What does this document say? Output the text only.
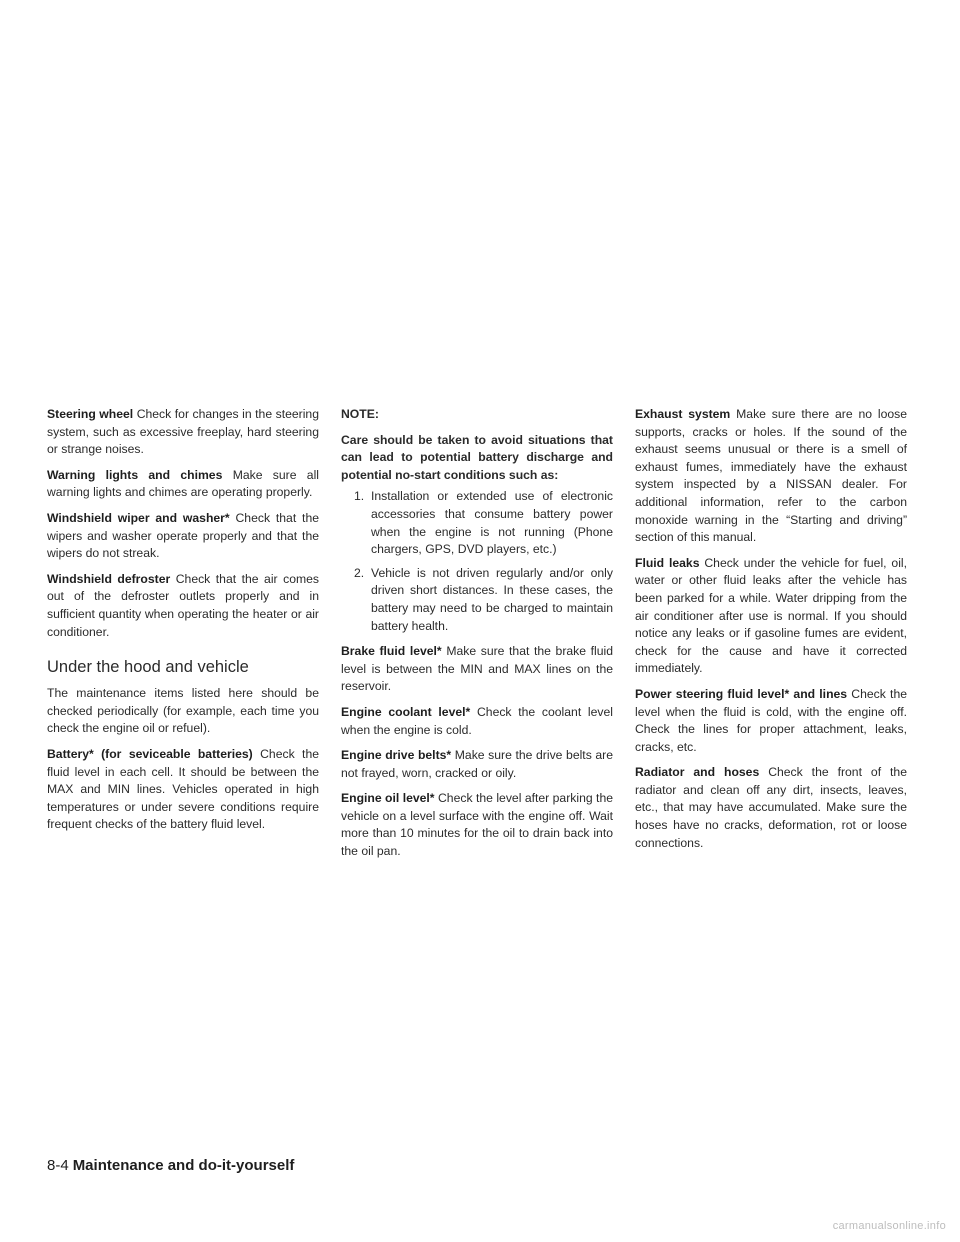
Steering wheel Check for changes in the steering system, such as excessive freeplay, hard steering or strange noises.

Warning lights and chimes Make sure all warning lights and chimes are operating properly.

Windshield wiper and washer* Check that the wipers and washer operate properly and that the wipers do not streak.

Windshield defroster Check that the air comes out of the defroster outlets properly and in sufficient quantity when operating the heater or air conditioner.

Under the hood and vehicle

The maintenance items listed here should be checked periodically (for example, each time you check the engine oil or refuel).

Battery* (for seviceable batteries) Check the fluid level in each cell. It should be between the MAX and MIN lines. Vehicles operated in high temperatures or under severe conditions require frequent checks of the battery fluid level.

NOTE:

Care should be taken to avoid situations that can lead to potential battery discharge and potential no-start conditions such as:

1. Installation or extended use of electronic accessories that consume battery power when the engine is not running (Phone chargers, GPS, DVD players, etc.)
2. Vehicle is not driven regularly and/or only driven short distances. In these cases, the battery may need to be charged to maintain battery health.

Brake fluid level* Make sure that the brake fluid level is between the MIN and MAX lines on the reservoir.

Engine coolant level* Check the coolant level when the engine is cold.

Engine drive belts* Make sure the drive belts are not frayed, worn, cracked or oily.

Engine oil level* Check the level after parking the vehicle on a level surface with the engine off. Wait more than 10 minutes for the oil to drain back into the oil pan.

Exhaust system Make sure there are no loose supports, cracks or holes. If the sound of the exhaust seems unusual or there is a smell of exhaust fumes, immediately have the exhaust system inspected by a NISSAN dealer. For additional information, refer to the carbon monoxide warning in the “Starting and driving” section of this manual.

Fluid leaks Check under the vehicle for fuel, oil, water or other fluid leaks after the vehicle has been parked for a while. Water dripping from the air conditioner after use is normal. If you should notice any leaks or if gasoline fumes are evident, check for the cause and have it corrected immediately.

Power steering fluid level* and lines Check the level when the fluid is cold, with the engine off. Check the lines for proper attachment, leaks, cracks, etc.

Radiator and hoses Check the front of the radiator and clean off any dirt, insects, leaves, etc., that may have accumulated. Make sure the hoses have no cracks, deformation, rot or loose connections.

8-4 Maintenance and do-it-yourself
carmanualsonline.info
